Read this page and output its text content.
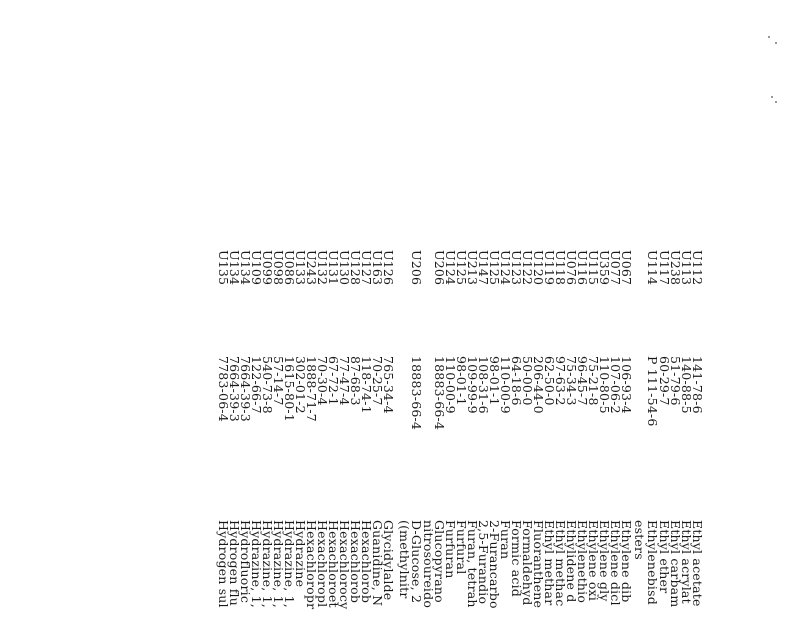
U112
141-78-6
Ethyl acetate
U113
140-88-5
Ethyl acrylat
U238
51-79-6
Ethyl carbam
U117
60-29-7
Ethyl ether
U114
P 111-54-6
Ethylenebisd
esters
U067
106-93-4
Ethylene dib
U077
107-06-2
Ethylene dicl
U359
110-80-5
Ethylene gly
U115
75-21-8
Ethylene oxi
U116
96-45-7
Ethylenethio
U076
75-34-3
Ethylidene d
U118
97-63-2
Ethyl methac
U119
62-50-0
Ethyl methar
U120
206-44-0
Fluoranthene
U122
50-00-0
Formaldehyd
U123
64-18-6
Formic acid
U124
110-00-9
Furan
U125
98-01-1
2-Furancarbo
U147
108-31-6
2,5-Furandio
U213
109-99-9
Furan, tetrah
U125
98-01-1
Furfural
U124
110-00-9
Furfuran
U206
18883-66-4
Glucopyrano
nitrosoureido
U206
18883-66-4
D-Glucose, 2
((methylnitr
U126
765-34-4
Glycidylalde
U163
70-25-7
Guanidine, N
U127
118-74-1
Hexachlorob
U128
87-68-3
Hexachlorob
U130
77-47-4
Hexachlorocy
U131
67-72-1
Hexachloroet
U132
70-30-4
Hexachloropl
U243
1888-71-7
Hexachloropr
U133
302-01-2
Hydrazine
U086
1615-80-1
Hydrazine, 1,
U098
57-14-7
Hydrazine, 1,
U099
540-73-8
Hydrazine, 1,
U109
122-66-7
Hydrazine, 1,
U134
7664-39-3
Hydrofluoric
U134
7664-39-3
Hydrogen flu
U135
7783-06-4
Hydrogen sul
